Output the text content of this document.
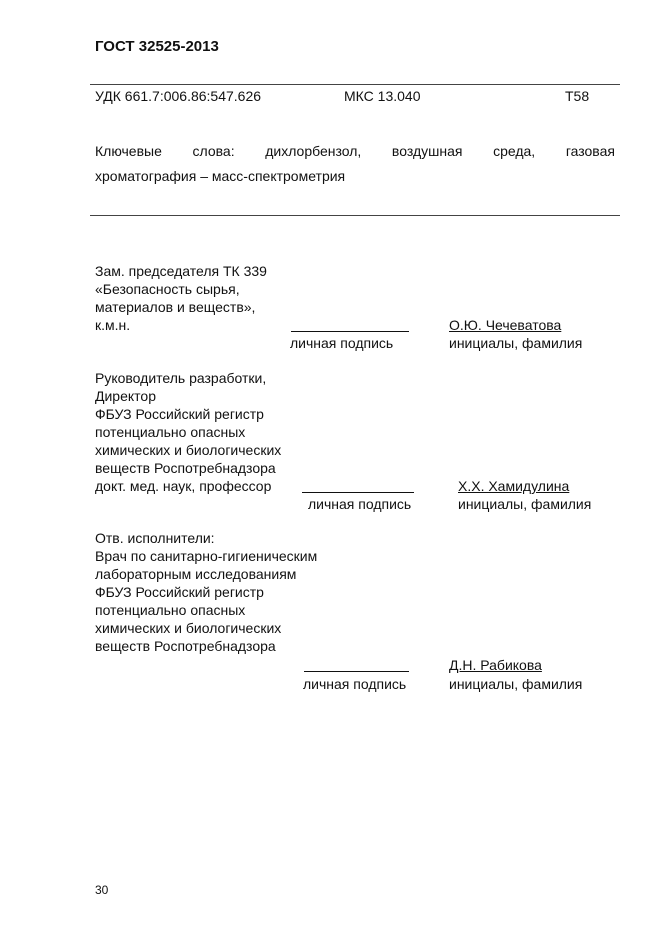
ГОСТ 32525-2013
УДК 661.7:006.86:547.626	МКС 13.040	Т58
Ключевые слова: дихлорбензол, воздушная среда, газовая
хроматография – масс-спектрометрия
Зам. председателя ТК 339
«Безопасность сырья,
материалов и веществ»,
к.м.н.	О.Ю. Чечеватова
личная подпись	инициалы, фамилия
Руководитель разработки,
Директор
ФБУЗ Российский регистр
потенциально опасных
химических и биологических
веществ Роспотребнадзора
докт. мед. наук, профессор	Х.Х. Хамидулина
личная подпись	инициалы, фамилия
Отв. исполнители:
Врач по санитарно-гигиеническим
лабораторным исследованиям
ФБУЗ Российский регистр
потенциально опасных
химических и биологических
веществ Роспотребнадзора
Д.Н. Рабикова
личная подпись	инициалы, фамилия
30
